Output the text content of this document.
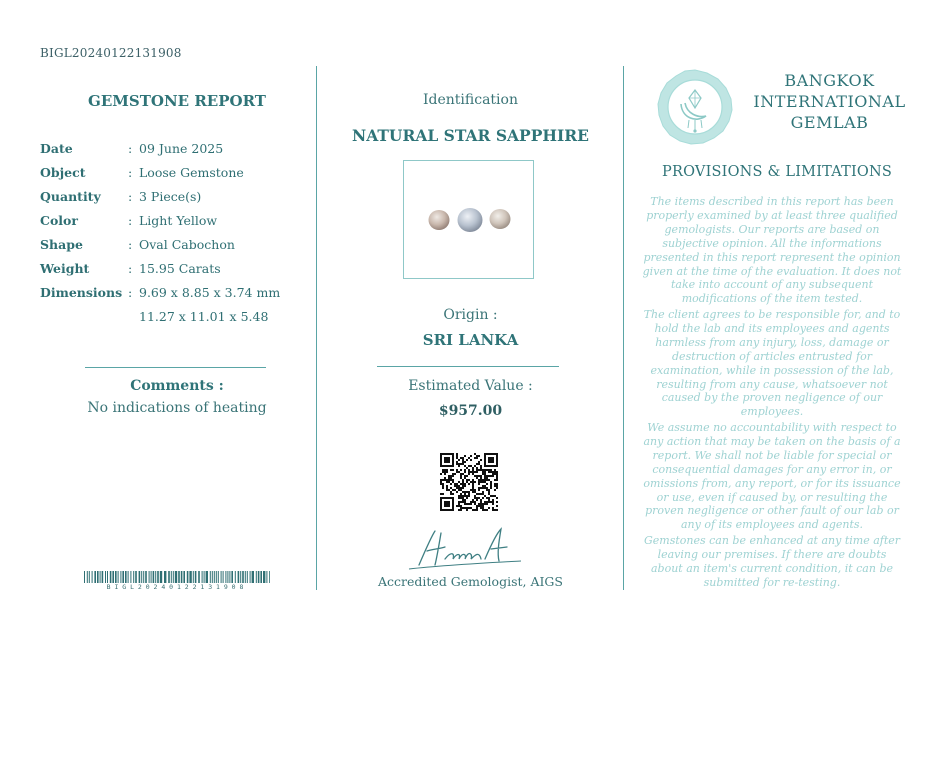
BIGL20240122131908
GEMSTONE REPORT
Date	: 09 June 2025
Object	: Loose Gemstone
Quantity	: 3 Piece(s)
Color	: Light Yellow
Shape	: Oval Cabochon
Weight	: 15.95 Carats
Dimensions : 9.69 x 8.85 x 3.74 mm
11.27 x 11.01 x 5.48
Comments :
No indications of heating
BIGL20240122131908
Identification
NATURAL STAR SAPPHIRE
Origin :
SRI LANKA
Estimated Value :
$957.00
Accredited Gemologist, AIGS
BANGKOK
INTERNATIONAL
GEMLAB
PROVISIONS & LIMITATIONS
The items described in this report has been properly examined by at least three qualified gemologists. Our reports are based on subjective opinion. All the informations presented in this report represent the opinion given at the time of the evaluation. It does not take into account of any subsequent modifications of the item tested.
The client agrees to be responsible for, and to hold the lab and its employees and agents harmless from any injury, loss, damage or destruction of articles entrusted for examination, while in possession of the lab, resulting from any cause, whatsoever not caused by the proven negligence of our employees.
We assume no accountability with respect to any action that may be taken on the basis of a report. We shall not be liable for special or consequential damages for any error in, or omissions from, any report, or for its issuance or use, even if caused by, or resulting the proven negligence or other fault of our lab or any of its employees and agents.
Gemstones can be enhanced at any time after leaving our premises. If there are doubts about an item's current condition, it can be submitted for re-testing.
